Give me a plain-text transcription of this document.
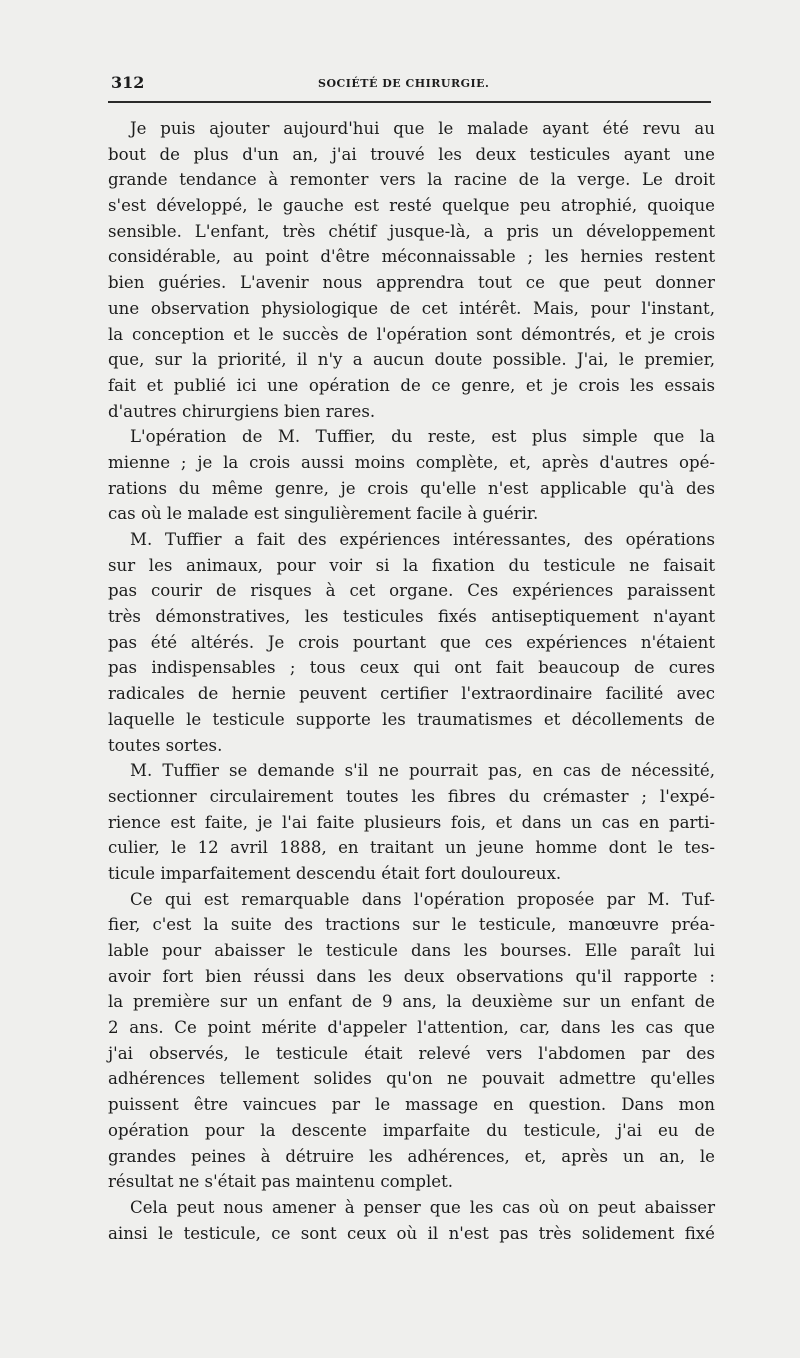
312	SOCIÉTÉ DE CHIRURGIE.
Je puis ajouter aujourd'hui que le malade ayant été revu au
bout de plus d'un an, j'ai trouvé les deux testicules ayant une
grande tendance à remonter vers la racine de la verge. Le droit
s'est développé, le gauche est resté quelque peu atrophié, quoique
sensible. L'enfant, très chétif jusque-là, a pris un développement
considérable, au point d'être méconnaissable ; les hernies restent
bien guéries. L'avenir nous apprendra tout ce que peut donner
une observation physiologique de cet intérêt. Mais, pour l'instant,
la conception et le succès de l'opération sont démontrés, et je crois
que, sur la priorité, il n'y a aucun doute possible. J'ai, le premier,
fait et publié ici une opération de ce genre, et je crois les essais
d'autres chirurgiens bien rares.
L'opération de M. Tuffier, du reste, est plus simple que la
mienne ; je la crois aussi moins complète, et, après d'autres opé-
rations du même genre, je crois qu'elle n'est applicable qu'à des
cas où le malade est singulièrement facile à guérir.
M. Tuffier a fait des expériences intéressantes, des opérations
sur les animaux, pour voir si la fixation du testicule ne faisait
pas courir de risques à cet organe. Ces expériences paraissent
très démonstratives, les testicules fixés antiseptiquement n'ayant
pas été altérés. Je crois pourtant que ces expériences n'étaient
pas indispensables ; tous ceux qui ont fait beaucoup de cures
radicales de hernie peuvent certifier l'extraordinaire facilité avec
laquelle le testicule supporte les traumatismes et décollements de
toutes sortes.
M. Tuffier se demande s'il ne pourrait pas, en cas de nécessité,
sectionner circulairement toutes les fibres du crémaster ; l'expé-
rience est faite, je l'ai faite plusieurs fois, et dans un cas en parti-
culier, le 12 avril 1888, en traitant un jeune homme dont le tes-
ticule imparfaitement descendu était fort douloureux.
Ce qui est remarquable dans l'opération proposée par M. Tuf-
fier, c'est la suite des tractions sur le testicule, manœuvre préa-
lable pour abaisser le testicule dans les bourses. Elle paraît lui
avoir fort bien réussi dans les deux observations qu'il rapporte :
la première sur un enfant de 9 ans, la deuxième sur un enfant de
2 ans. Ce point mérite d'appeler l'attention, car, dans les cas que
j'ai observés, le testicule était relevé vers l'abdomen par des
adhérences tellement solides qu'on ne pouvait admettre qu'elles
puissent être vaincues par le massage en question. Dans mon
opération pour la descente imparfaite du testicule, j'ai eu de
grandes peines à détruire les adhérences, et, après un an, le
résultat ne s'était pas maintenu complet.
Cela peut nous amener à penser que les cas où on peut abaisser
ainsi le testicule, ce sont ceux où il n'est pas très solidement fixé
